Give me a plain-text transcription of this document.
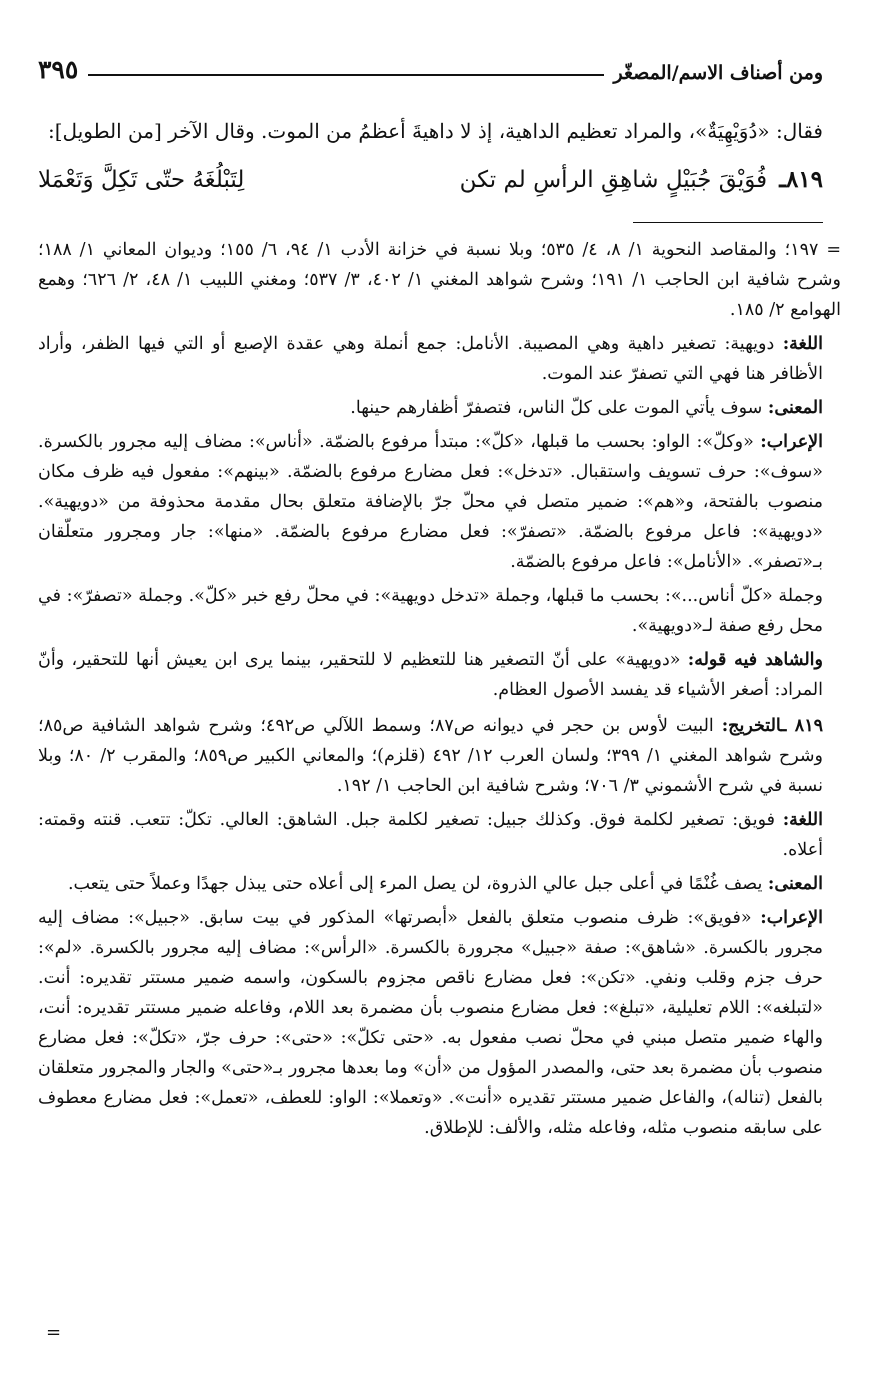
ومن أصناف الاسم/المصغّر
٣٩٥

فقال: «دُوَيْهِيَةٌ»، والمراد تعظيم الداهية، إذ لا داهيةَ أعظمُ من الموت. وقال الآخر [من الطويل]:

٨١٩ـ فُوَيْقَ جُبَيْلٍ شاهِقِ الرأسِ لم تكن
لِتَبْلُغَهُ حتّى تَكِلَّ وَتَعْمَلا

= ١٩٧؛ والمقاصد النحوية ١/ ٨، ٤/ ٥٣٥؛ وبلا نسبة في خزانة الأدب ١/ ٩٤، ٦/ ١٥٥؛ وديوان المعاني ١/ ١٨٨؛ وشرح شافية ابن الحاجب ١/ ١٩١؛ وشرح شواهد المغني ١/ ٤٠٢، ٣/ ٥٣٧؛ ومغني اللبيب ١/ ٤٨، ٢/ ٦٢٦؛ وهمع الهوامع ٢/ ١٨٥.

اللغة: دويهية: تصغير داهية وهي المصيبة. الأنامل: جمع أنملة وهي عقدة الإصبع أو التي فيها الظفر، وأراد الأظافر هنا فهي التي تصفرّ عند الموت.

المعنى: سوف يأتي الموت على كلّ الناس، فتصفرّ أظفارهم حينها.

الإعراب: «وكلّ»: الواو: بحسب ما قبلها، «كلّ»: مبتدأ مرفوع بالضمّة. «أناس»: مضاف إليه مجرور بالكسرة. «سوف»: حرف تسويف واستقبال. «تدخل»: فعل مضارع مرفوع بالضمّة. «بينهم»: مفعول فيه ظرف مكان منصوب بالفتحة، و«هم»: ضمير متصل في محلّ جرّ بالإضافة متعلق بحال مقدمة محذوفة من «دويهية». «دويهية»: فاعل مرفوع بالضمّة. «تصفرّ»: فعل مضارع مرفوع بالضمّة. «منها»: جار ومجرور متعلّقان بـ«تصفر». «الأنامل»: فاعل مرفوع بالضمّة.

وجملة «كلّ أناس...»: بحسب ما قبلها، وجملة «تدخل دويهية»: في محلّ رفع خبر «كلّ». وجملة «تصفرّ»: في محل رفع صفة لـ«دويهية».

والشاهد فيه قوله: «دويهية» على أنّ التصغير هنا للتعظيم لا للتحقير، بينما يرى ابن يعيش أنها للتحقير، وأنّ المراد: أصغر الأشياء قد يفسد الأصول العظام.

٨١٩ ـالتخريج: البيت لأوس بن حجر في ديوانه ص٨٧؛ وسمط اللآلي ص٤٩٢؛ وشرح شواهد الشافية ص٨٥؛ وشرح شواهد المغني ١/ ٣٩٩؛ ولسان العرب ١٢/ ٤٩٢ (قلزم)؛ والمعاني الكبير ص٨٥٩؛ والمقرب ٢/ ٨٠؛ وبلا نسبة في شرح الأشموني ٣/ ٧٠٦؛ وشرح شافية ابن الحاجب ١/ ١٩٢.

اللغة: فويق: تصغير لكلمة فوق. وكذلك جبيل: تصغير لكلمة جبل. الشاهق: العالي. تكلّ: تتعب. قنته وقمته: أعلاه.

المعنى: يصف غُنْمًا في أعلى جبل عالي الذروة، لن يصل المرء إلى أعلاه حتى يبذل جهدًا وعملاً حتى يتعب.

الإعراب: «فويق»: ظرف منصوب متعلق بالفعل «أبصرتها» المذكور في بيت سابق. «جبيل»: مضاف إليه مجرور بالكسرة. «شاهق»: صفة «جبيل» مجرورة بالكسرة. «الرأس»: مضاف إليه مجرور بالكسرة. «لم»: حرف جزم وقلب ونفي. «تكن»: فعل مضارع ناقص مجزوم بالسكون، واسمه ضمير مستتر تقديره: أنت. «لتبلغه»: اللام تعليلية، «تبلغ»: فعل مضارع منصوب بأن مضمرة بعد اللام، وفاعله ضمير مستتر تقديره: أنت، والهاء ضمير متصل مبني في محلّ نصب مفعول به. «حتى تكلّ»: «حتى»: حرف جرّ، «تكلّ»: فعل مضارع منصوب بأن مضمرة بعد حتى، والمصدر المؤول من «أن» وما بعدها مجرور بـ«حتى» والجار والمجرور متعلقان بالفعل (تناله)، والفاعل ضمير مستتر تقديره «أنت». «وتعملا»: الواو: للعطف، «تعمل»: فعل مضارع معطوف على سابقه منصوب مثله، وفاعله مثله، والألف: للإطلاق.

=
